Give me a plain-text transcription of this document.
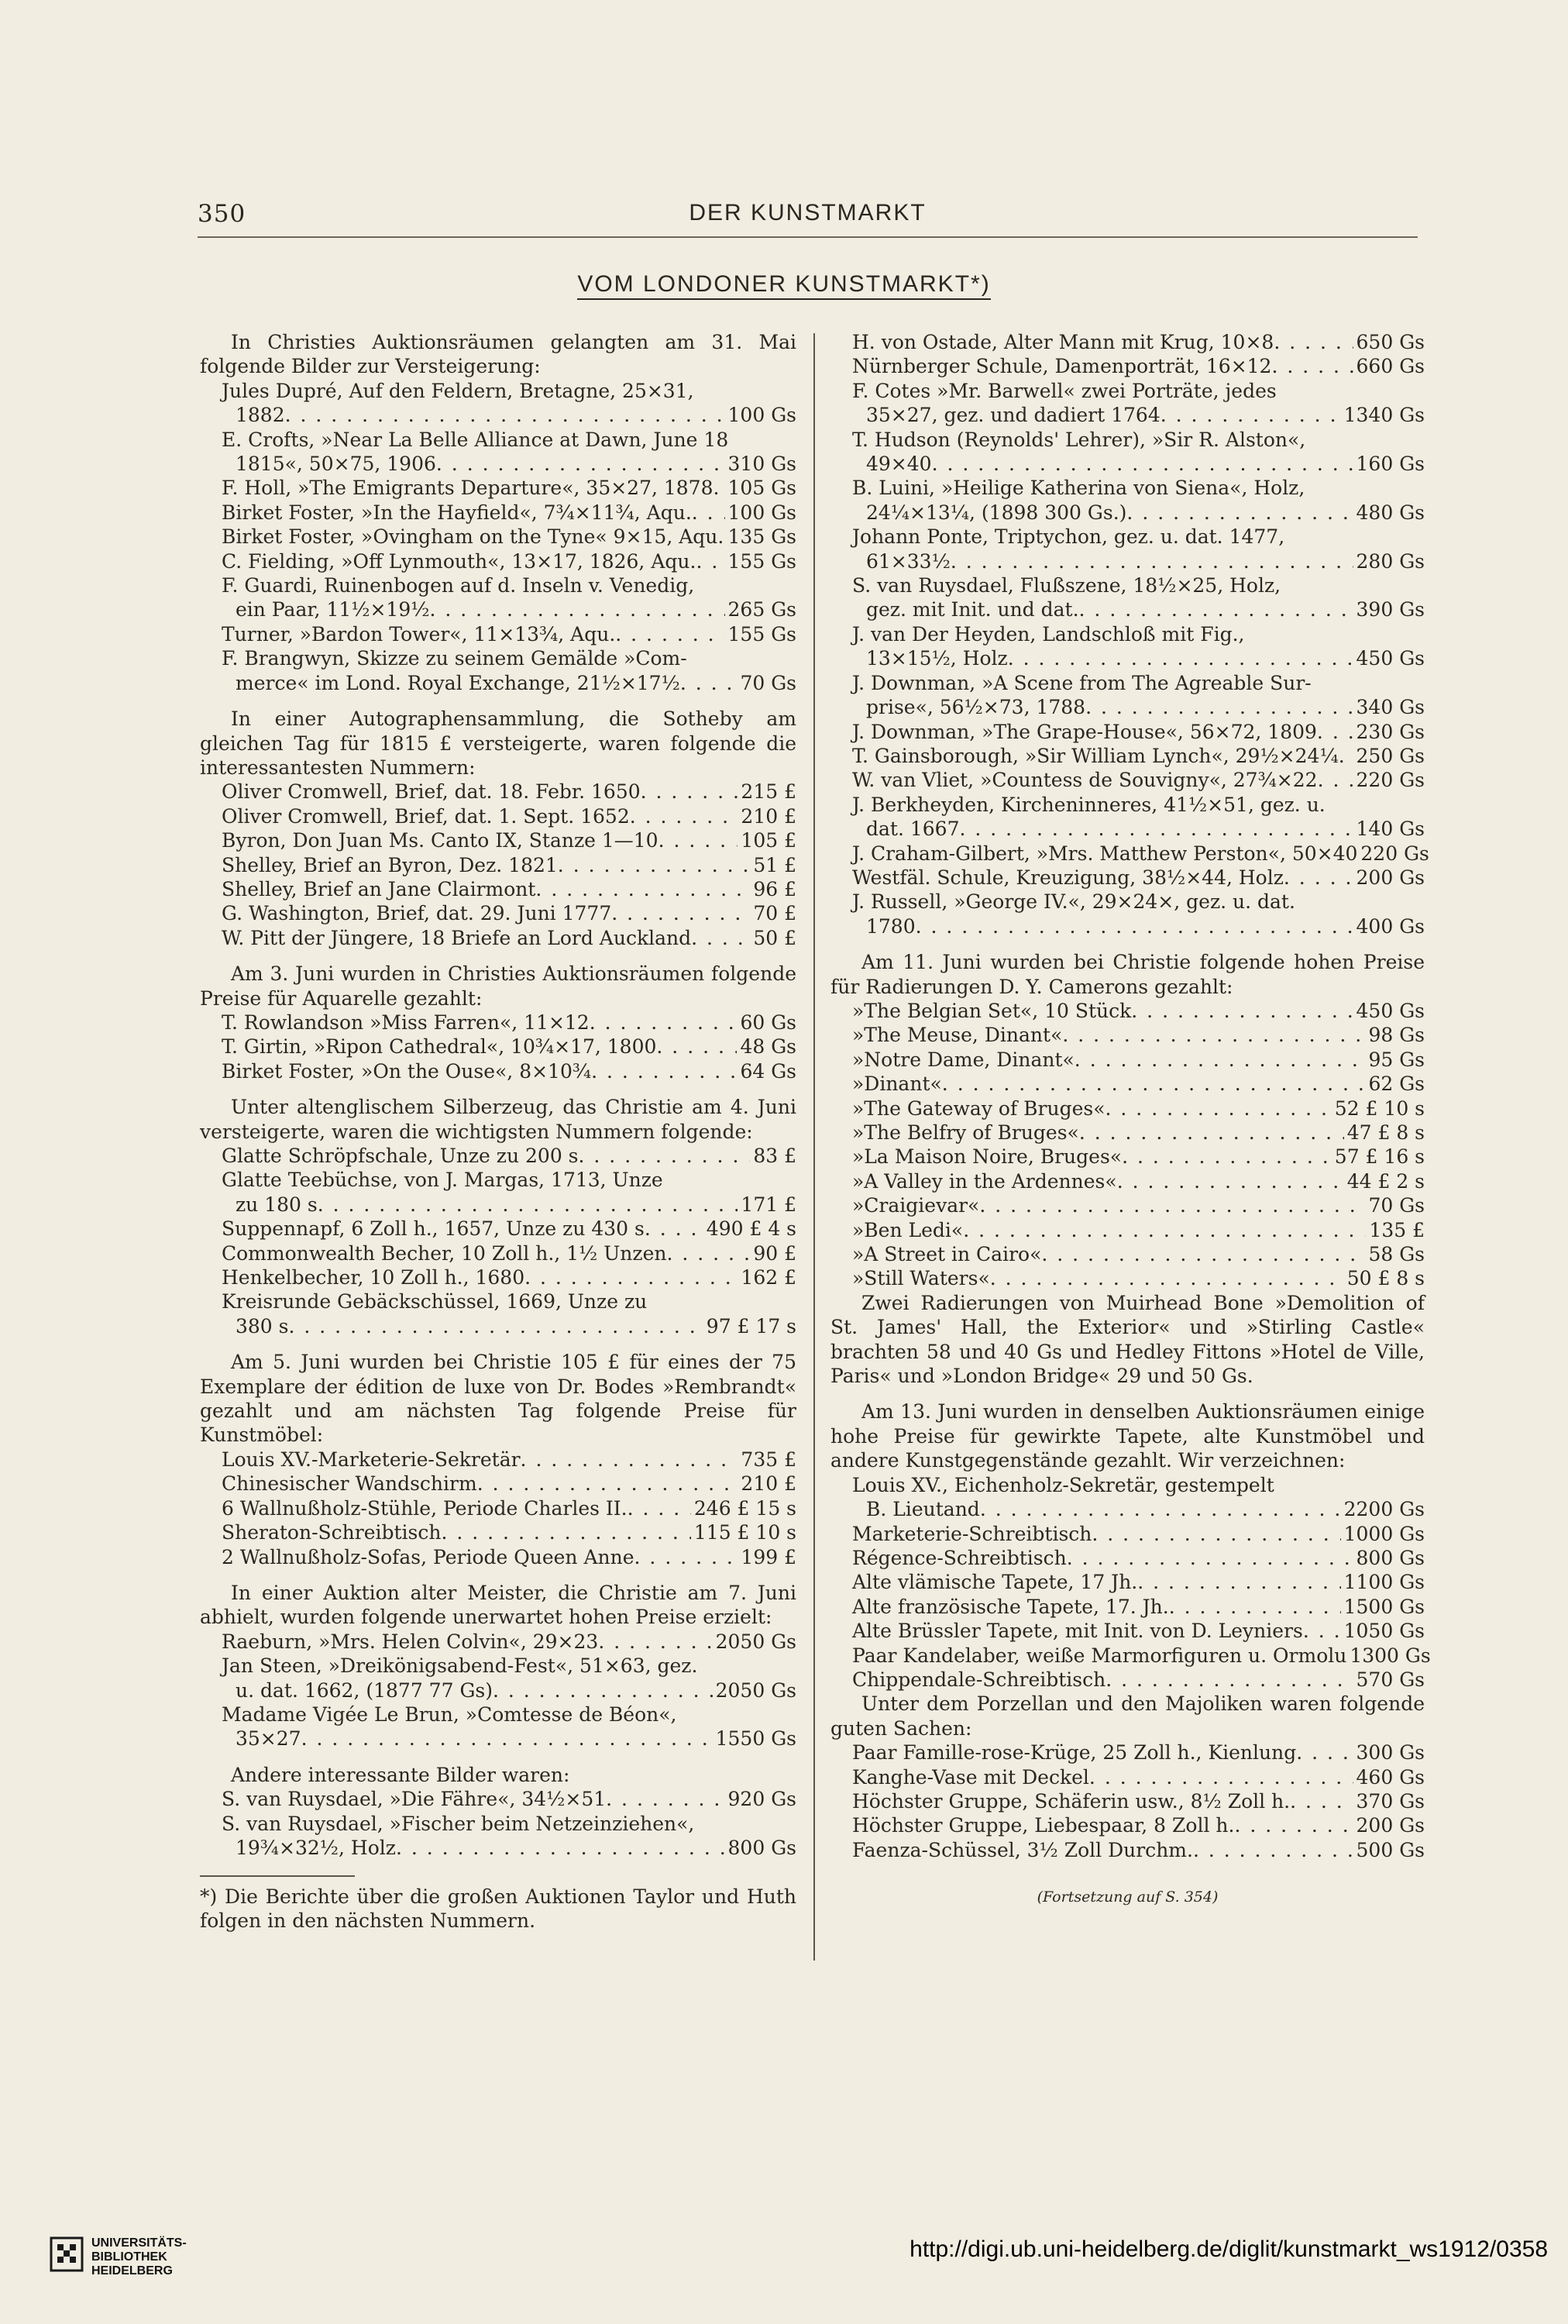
350	DER KUNSTMARKT
VOM LONDONER KUNSTMARKT*)

In Christies Auktionsräumen gelangten am 31. Mai folgende Bilder zur Versteigerung:

Jules Dupré, Auf den Feldern, Bretagne, 25×31,
1882 . . .	100 Gs
E. Crofts, »Near La Belle Alliance at Dawn, June 18
1815«, 50×75, 1906 . . .	310 Gs
F. Holl, »The Emigrants Departure«, 35×27, 1878 . . . 105 Gs
Birket Foster, »In the Hayfield«, 7¾×11¾, Aqu. . . . 100 Gs
Birket Foster, »Ovingham on the Tyne« 9×15, Aqu. . . . 135 Gs
C. Fielding, »Off Lynmouth«, 13×17, 1826, Aqu. . . . 155 Gs
F. Guardi, Ruinenbogen auf d. Inseln v. Venedig,
ein Paar, 11½×19½ . . .	265 Gs
Turner, »Bardon Tower«, 11×13¾, Aqu. . . .	155 Gs
F. Brangwyn, Skizze zu seinem Gemälde »Com-
merce« im Lond. Royal Exchange, 21½×17½ . . .	70 Gs

In einer Autographensammlung, die Sotheby am gleichen Tag für 1815 £ versteigerte, waren folgende die interessantesten Nummern:

Oliver Cromwell, Brief, dat. 18. Febr. 1650 . . .	215 £
Oliver Cromwell, Brief, dat. 1. Sept. 1652 . . .	210 £
Byron, Don Juan Ms. Canto IX, Stanze 1—10 . . .	105 £
Shelley, Brief an Byron, Dez. 1821 . . .	51 £
Shelley, Brief an Jane Clairmont . . .	96 £
G. Washington, Brief, dat. 29. Juni 1777 . . .	70 £
W. Pitt der Jüngere, 18 Briefe an Lord Auckland . . .	50 £

Am 3. Juni wurden in Christies Auktionsräumen folgende Preise für Aquarelle gezahlt:

T. Rowlandson »Miss Farren«, 11×12 . . .	60 Gs
T. Girtin, »Ripon Cathedral«, 10¾×17, 1800 . . .	48 Gs
Birket Foster, »On the Ouse«, 8×10¾ . . .	64 Gs

Unter altenglischem Silberzeug, das Christie am 4. Juni versteigerte, waren die wichtigsten Nummern folgende:

Glatte Schröpfschale, Unze zu 200 s . . .	83 £
Glatte Teebüchse, von J. Margas, 1713, Unze
zu 180 s . . .	171 £
Suppennapf, 6 Zoll h., 1657, Unze zu 430 s . . .	490 £ 4 s
Commonwealth Becher, 10 Zoll h., 1½ Unzen . . .	90 £
Henkelbecher, 10 Zoll h., 1680 . . .	162 £
Kreisrunde Gebäckschüssel, 1669, Unze zu
380 s . . .	97 £ 17 s

Am 5. Juni wurden bei Christie 105 £ für eines der 75 Exemplare der édition de luxe von Dr. Bodes »Rembrandt« gezahlt und am nächsten Tag folgende Preise für Kunstmöbel:

Louis XV.-Marketerie-Sekretär . . .	735 £
Chinesischer Wandschirm . . .	210 £
6 Wallnußholz-Stühle, Periode Charles II. . . .	246 £ 15 s
Sheraton-Schreibtisch . . .	115 £ 10 s
2 Wallnußholz-Sofas, Periode Queen Anne . . .	199 £

In einer Auktion alter Meister, die Christie am 7. Juni abhielt, wurden folgende unerwartet hohen Preise erzielt:

Raeburn, »Mrs. Helen Colvin«, 29×23 . . .	2050 Gs
Jan Steen, »Dreikönigsabend-Fest«, 51×63, gez.
u. dat. 1662, (1877 77 Gs) . . .	2050 Gs
Madame Vigée Le Brun, »Comtesse de Béon«,
35×27 . . .	1550 Gs

Andere interessante Bilder waren:

S. van Ruysdael, »Die Fähre«, 34½×51 . . .	920 Gs
S. van Ruysdael, »Fischer beim Netzeinziehen«,
19¾×32½, Holz . . .	800 Gs

*) Die Berichte über die großen Auktionen Taylor und Huth folgen in den nächsten Nummern.

H. von Ostade, Alter Mann mit Krug, 10×8 . . .	650 Gs
Nürnberger Schule, Damenporträt, 16×12 . . .	660 Gs
F. Cotes »Mr. Barwell« zwei Porträte, jedes
35×27, gez. und dadiert 1764 . . .	1340 Gs
T. Hudson (Reynolds' Lehrer), »Sir R. Alston«,
49×40 . . .	160 Gs
B. Luini, »Heilige Katherina von Siena«, Holz,
24¼×13¼, (1898 300 Gs.) . . .	480 Gs
Johann Ponte, Triptychon, gez. u. dat. 1477,
61×33½ . . .	280 Gs
S. van Ruysdael, Flußszene, 18½×25, Holz,
gez. mit Init. und dat. . . .	390 Gs
J. van Der Heyden, Landschloß mit Fig.,
13×15½, Holz . . .	450 Gs
J. Downman, »A Scene from The Agreable Sur-
prise«, 56½×73, 1788 . . .	340 Gs
J. Downman, »The Grape-House«, 56×72, 1809 . . . 230 Gs
T. Gainsborough, »Sir William Lynch«, 29½×24¼ . . . 250 Gs
W. van Vliet, »Countess de Souvigny«, 27¾×22 . . . 220 Gs
J. Berkheyden, Kircheninneres, 41½×51, gez. u.
dat. 1667 . . .	140 Gs
J. Craham-Gilbert, »Mrs. Matthew Perston«, 50×40 220 Gs
Westfäl. Schule, Kreuzigung, 38½×44, Holz . . .	200 Gs
J. Russell, »George IV.«, 29×24×, gez. u. dat.
1780 . . .	400 Gs

Am 11. Juni wurden bei Christie folgende hohen Preise für Radierungen D. Y. Camerons gezahlt:

»The Belgian Set«, 10 Stück . . .	450 Gs
»The Meuse, Dinant« . . .	98 Gs
»Notre Dame, Dinant« . . .	95 Gs
»Dinant« . . .	62 Gs
»The Gateway of Bruges« . . .	52 £ 10 s
»The Belfry of Bruges« . . .	47 £ 8 s
»La Maison Noire, Bruges« . . .	57 £ 16 s
»A Valley in the Ardennes« . . .	44 £ 2 s
»Craigievar« . . .	70 Gs
»Ben Ledi« . . .	135 £
»A Street in Cairo« . . .	58 Gs
»Still Waters« . . .	50 £ 8 s

Zwei Radierungen von Muirhead Bone »Demolition of St. James' Hall, the Exterior« und »Stirling Castle« brachten 58 und 40 Gs und Hedley Fittons »Hotel de Ville, Paris« und »London Bridge« 29 und 50 Gs.

Am 13. Juni wurden in denselben Auktionsräumen einige hohe Preise für gewirkte Tapete, alte Kunstmöbel und andere Kunstgegenstände gezahlt. Wir verzeichnen:

Louis XV., Eichenholz-Sekretär, gestempelt
B. Lieutand . . .	2200 Gs
Marketerie-Schreibtisch . . .	1000 Gs
Régence-Schreibtisch . . .	800 Gs
Alte vlämische Tapete, 17 Jh. . . .	1100 Gs
Alte französische Tapete, 17. Jh. . . .	1500 Gs
Alte Brüssler Tapete, mit Init. von D. Leyniers . . . 1050 Gs
Paar Kandelaber, weiße Marmorfiguren u. Ormolu 1300 Gs
Chippendale-Schreibtisch . . .	570 Gs

Unter dem Porzellan und den Majoliken waren folgende guten Sachen:

Paar Famille-rose-Krüge, 25 Zoll h., Kienlung . . .	300 Gs
Kanghe-Vase mit Deckel . . .	460 Gs
Höchster Gruppe, Schäferin usw., 8½ Zoll h. . . .	370 Gs
Höchster Gruppe, Liebespaar, 8 Zoll h. . . .	200 Gs
Faenza-Schüssel, 3½ Zoll Durchm. . . .	500 Gs
(Fortsetzung auf S. 354)
UNIVERSITÄTS-
BIBLIOTHEK
HEIDELBERG
http://digi.ub.uni-heidelberg.de/diglit/kunstmarkt_ws1912/0358
